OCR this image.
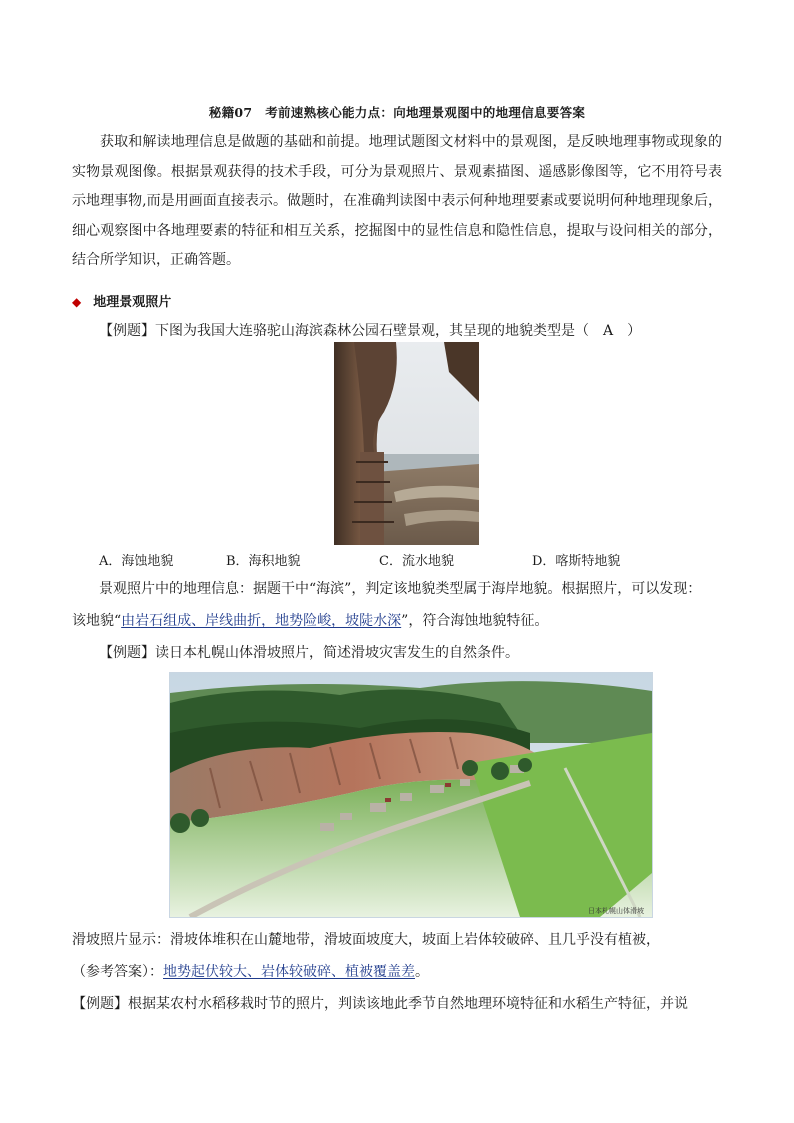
秘籍07　考前速熟核心能力点：向地理景观图中的地理信息要答案
获取和解读地理信息是做题的基础和前提。地理试题图文材料中的景观图，是反映地理事物或现象的实物景观图像。根据景观获得的技术手段，可分为景观照片、景观素描图、遥感影像图等，它不用符号表示地理事物,而是用画面直接表示。做题时，在准确判读图中表示何种地理要素或要说明何种地理现象后，细心观察图中各地理要素的特征和相互关系，挖掘图中的显性信息和隐性信息，提取与设问相关的部分，结合所学知识，正确答题。
◆ 地理景观照片
【例题】下图为我国大连骆驼山海滨森林公园石壁景观，其呈现的地貌类型是（　A　）
A．海蚀地貌	B．海积地貌	C．流水地貌	D．喀斯特地貌
景观照片中的地理信息：据题干中“海滨”，判定该地貌类型属于海岸地貌。根据照片，可以发现：
该地貌“由岩石组成、岸线曲折，地势险峻，坡陡水深”，符合海蚀地貌特征。
【例题】读日本札幌山体滑坡照片，简述滑坡灾害发生的自然条件。
日本札幌山体滑坡
滑坡照片显示：滑坡体堆积在山麓地带，滑坡面坡度大，坡面上岩体较破碎、且几乎没有植被，
（参考答案）：地势起伏较大、岩体较破碎、植被覆盖差。
【例题】根据某农村水稻移栽时节的照片，判读该地此季节自然地理环境特征和水稻生产特征，并说
